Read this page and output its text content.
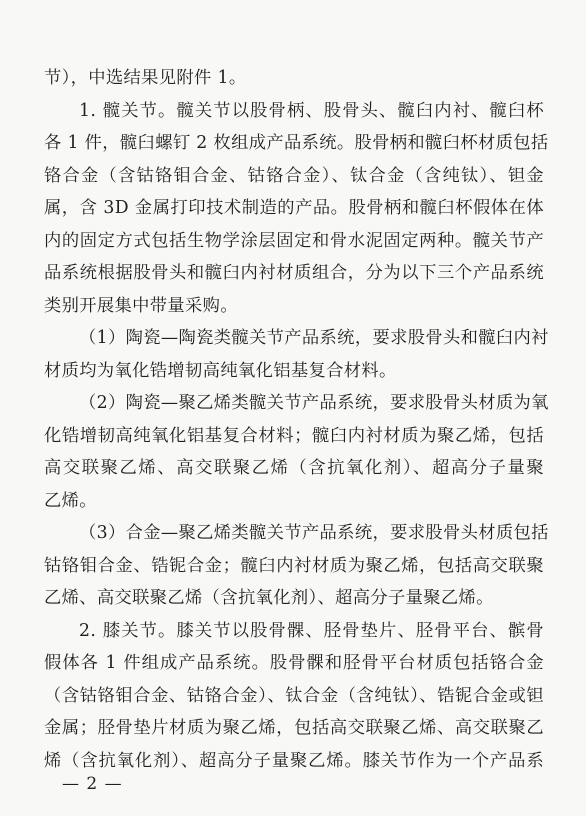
节），中选结果见附件 1。
1. 髋关节。髋关节以股骨柄、股骨头、髋臼内衬、髋臼杯
各 1 件，髋臼螺钉 2 枚组成产品系统。股骨柄和髋臼杯材质包括
铬合金（含钴铬钼合金、钴铬合金）、钛合金（含纯钛）、钽金
属，含 3D 金属打印技术制造的产品。股骨柄和髋臼杯假体在体
内的固定方式包括生物学涂层固定和骨水泥固定两种。髋关节产
品系统根据股骨头和髋臼内衬材质组合，分为以下三个产品系统
类别开展集中带量采购。
（1）陶瓷—陶瓷类髋关节产品系统，要求股骨头和髋臼内衬
材质均为氧化锆增韧高纯氧化铝基复合材料。
（2）陶瓷—聚乙烯类髋关节产品系统，要求股骨头材质为氧
化锆增韧高纯氧化铝基复合材料；髋臼内衬材质为聚乙烯，包括
高交联聚乙烯、高交联聚乙烯（含抗氧化剂）、超高分子量聚
乙烯。
（3）合金—聚乙烯类髋关节产品系统，要求股骨头材质包括
钴铬钼合金、锆铌合金；髋臼内衬材质为聚乙烯，包括高交联聚
乙烯、高交联聚乙烯（含抗氧化剂）、超高分子量聚乙烯。
2. 膝关节。膝关节以股骨髁、胫骨垫片、胫骨平台、髌骨
假体各 1 件组成产品系统。股骨髁和胫骨平台材质包括铬合金
（含钴铬钼合金、钴铬合金）、钛合金（含纯钛）、锆铌合金或钽
金属；胫骨垫片材质为聚乙烯，包括高交联聚乙烯、高交联聚乙
烯（含抗氧化剂）、超高分子量聚乙烯。膝关节作为一个产品系
— 2 —
